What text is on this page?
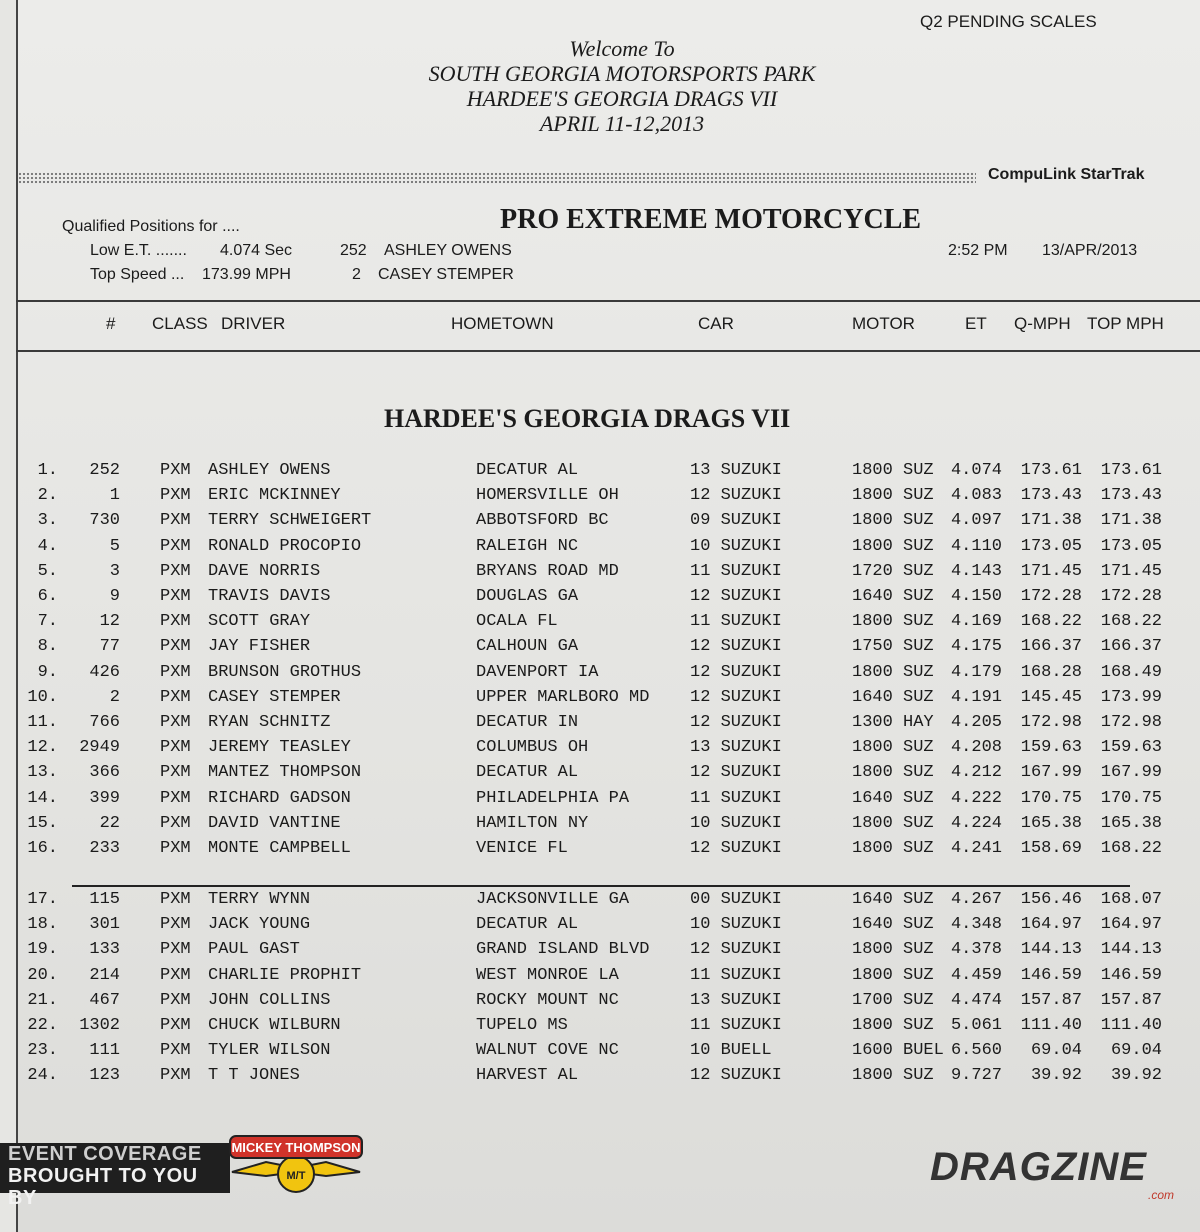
Q2 PENDING SCALES
Welcome To
SOUTH GEORGIA MOTORSPORTS PARK
HARDEE'S GEORGIA DRAGS VII
APRIL 11-12,2013
CompuLink StarTrak
Qualified Positions for ....	PRO EXTREME MOTORCYCLE
Low E.T. ....... 4.074 Sec	252 ASHLEY OWENS
Top Speed ... 173.99 MPH	2 CASEY STEMPER
2:52 PM 13/APR/2013
# CLASS DRIVER	HOMETOWN	CAR	MOTOR	ET Q-MPH TOP MPH
HARDEE'S GEORGIA DRAGS VII
1.	252 PXM	ASHLEY OWENS	DECATUR AL	13 SUZUKI	1800 SUZ	4.074 173.61 173.61
2.	1 PXM	ERIC MCKINNEY	HOMERSVILLE OH	12 SUZUKI	1800 SUZ	4.083 173.43 173.43
3.	730 PXM	TERRY SCHWEIGERT	ABBOTSFORD BC	09 SUZUKI	1800 SUZ	4.097 171.38 171.38
4.	5 PXM	RONALD PROCOPIO	RALEIGH NC	10 SUZUKI	1800 SUZ	4.110 173.05 173.05
5.	3 PXM	DAVE NORRIS	BRYANS ROAD MD	11 SUZUKI	1720 SUZ	4.143 171.45 171.45
6.	9 PXM	TRAVIS DAVIS	DOUGLAS GA	12 SUZUKI	1640 SUZ	4.150 172.28 172.28
7.	12 PXM	SCOTT GRAY	OCALA FL	11 SUZUKI	1800 SUZ	4.169 168.22 168.22
8.	77 PXM	JAY FISHER	CALHOUN GA	12 SUZUKI	1750 SUZ	4.175 166.37 166.37
9.	426 PXM	BRUNSON GROTHUS	DAVENPORT IA	12 SUZUKI	1800 SUZ	4.179 168.28 168.49
10.	2 PXM	CASEY STEMPER	UPPER MARLBORO MD	12 SUZUKI	1640 SUZ	4.191 145.45 173.99
11.	766 PXM	RYAN SCHNITZ	DECATUR IN	12 SUZUKI	1300 HAY	4.205 172.98 172.98
12.	2949 PXM	JEREMY TEASLEY	COLUMBUS OH	13 SUZUKI	1800 SUZ	4.208 159.63 159.63
13.	366 PXM	MANTEZ THOMPSON	DECATUR AL	12 SUZUKI	1800 SUZ	4.212 167.99 167.99
14.	399 PXM	RICHARD GADSON	PHILADELPHIA PA	11 SUZUKI	1640 SUZ	4.222 170.75 170.75
15.	22 PXM	DAVID VANTINE	HAMILTON NY	10 SUZUKI	1800 SUZ	4.224 165.38 165.38
16.	233 PXM	MONTE CAMPBELL	VENICE FL	12 SUZUKI	1800 SUZ	4.241 158.69 168.22
17.	115 PXM	TERRY WYNN	JACKSONVILLE GA	00 SUZUKI	1640 SUZ	4.267 156.46 168.07
18.	301 PXM	JACK YOUNG	DECATUR AL	10 SUZUKI	1640 SUZ	4.348 164.97 164.97
19.	133 PXM	PAUL GAST	GRAND ISLAND BLVD	12 SUZUKI	1800 SUZ	4.378 144.13 144.13
20.	214 PXM	CHARLIE PROPHIT	WEST MONROE LA	11 SUZUKI	1800 SUZ	4.459 146.59 146.59
21.	467 PXM	JOHN COLLINS	ROCKY MOUNT NC	13 SUZUKI	1700 SUZ	4.474 157.87 157.87
22.	1302 PXM	CHUCK WILBURN	TUPELO MS	11 SUZUKI	1800 SUZ	5.061 111.40 111.40
23.	111 PXM	TYLER WILSON	WALNUT COVE NC	10 BUELL	1600 BUEL 6.560	69.04	69.04
24.	123 PXM	T T JONES	HARVEST AL	12 SUZUKI	1800 SUZ	9.727	39.92	39.92
EVENT COVERAGE
BROUGHT TO YOU BY
MICKEY THOMPSON
M/T	DRAGZINE
.com
